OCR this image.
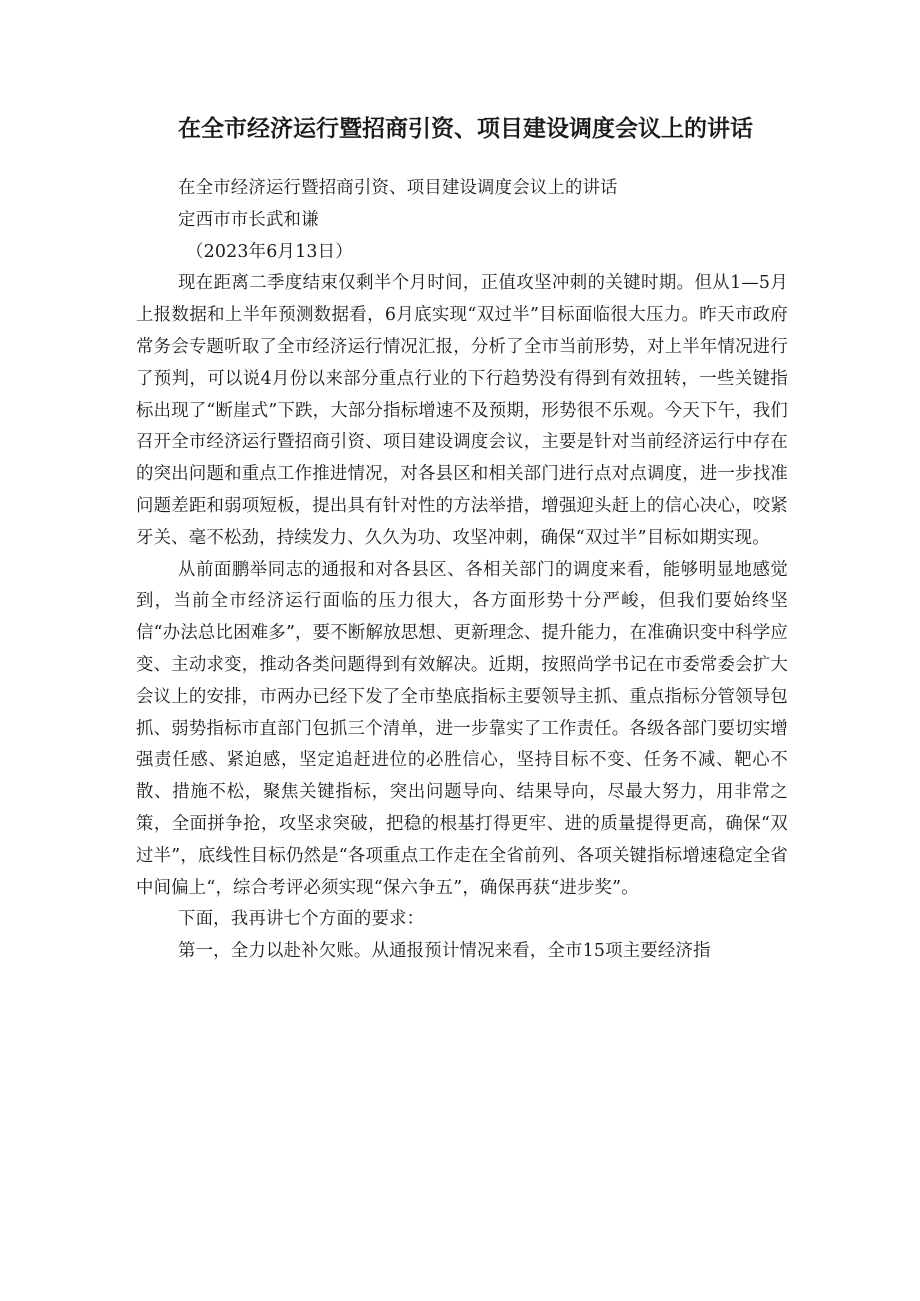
在全市经济运行暨招商引资、项目建设调度会议上的讲话

在全市经济运行暨招商引资、项目建设调度会议上的讲话

定西市市长武和谦

（2023年6月13日）

现在距离二季度结束仅剩半个月时间，正值攻坚冲刺的关键时期。但从1—5月上报数据和上半年预测数据看，6月底实现“双过半”目标面临很大压力。昨天市政府常务会专题听取了全市经济运行情况汇报，分析了全市当前形势，对上半年情况进行了预判，可以说4月份以来部分重点行业的下行趋势没有得到有效扭转，一些关键指标出现了“断崖式”下跌，大部分指标增速不及预期，形势很不乐观。今天下午，我们召开全市经济运行暨招商引资、项目建设调度会议，主要是针对当前经济运行中存在的突出问题和重点工作推进情况，对各县区和相关部门进行点对点调度，进一步找准问题差距和弱项短板，提出具有针对性的方法举措，增强迎头赶上的信心决心，咬紧牙关、毫不松劲，持续发力、久久为功、攻坚冲刺，确保“双过半”目标如期实现。

从前面鹏举同志的通报和对各县区、各相关部门的调度来看，能够明显地感觉到，当前全市经济运行面临的压力很大，各方面形势十分严峻，但我们要始终坚信“办法总比困难多”，要不断解放思想、更新理念、提升能力，在准确识变中科学应变、主动求变，推动各类问题得到有效解决。近期，按照尚学书记在市委常委会扩大会议上的安排，市两办已经下发了全市垫底指标主要领导主抓、重点指标分管领导包抓、弱势指标市直部门包抓三个清单，进一步靠实了工作责任。各级各部门要切实增强责任感、紧迫感，坚定追赶进位的必胜信心，坚持目标不变、任务不减、靶心不散、措施不松，聚焦关键指标，突出问题导向、结果导向，尽最大努力，用非常之策，全面拼争抢，攻坚求突破，把稳的根基打得更牢、进的质量提得更高，确保“双过半”，底线性目标仍然是“各项重点工作走在全省前列、各项关键指标增速稳定全省中间偏上“，综合考评必须实现“保六争五”，确保再获“进步奖”。

下面，我再讲七个方面的要求：

第一，全力以赴补欠账。从通报预计情况来看，全市15项主要经济指
